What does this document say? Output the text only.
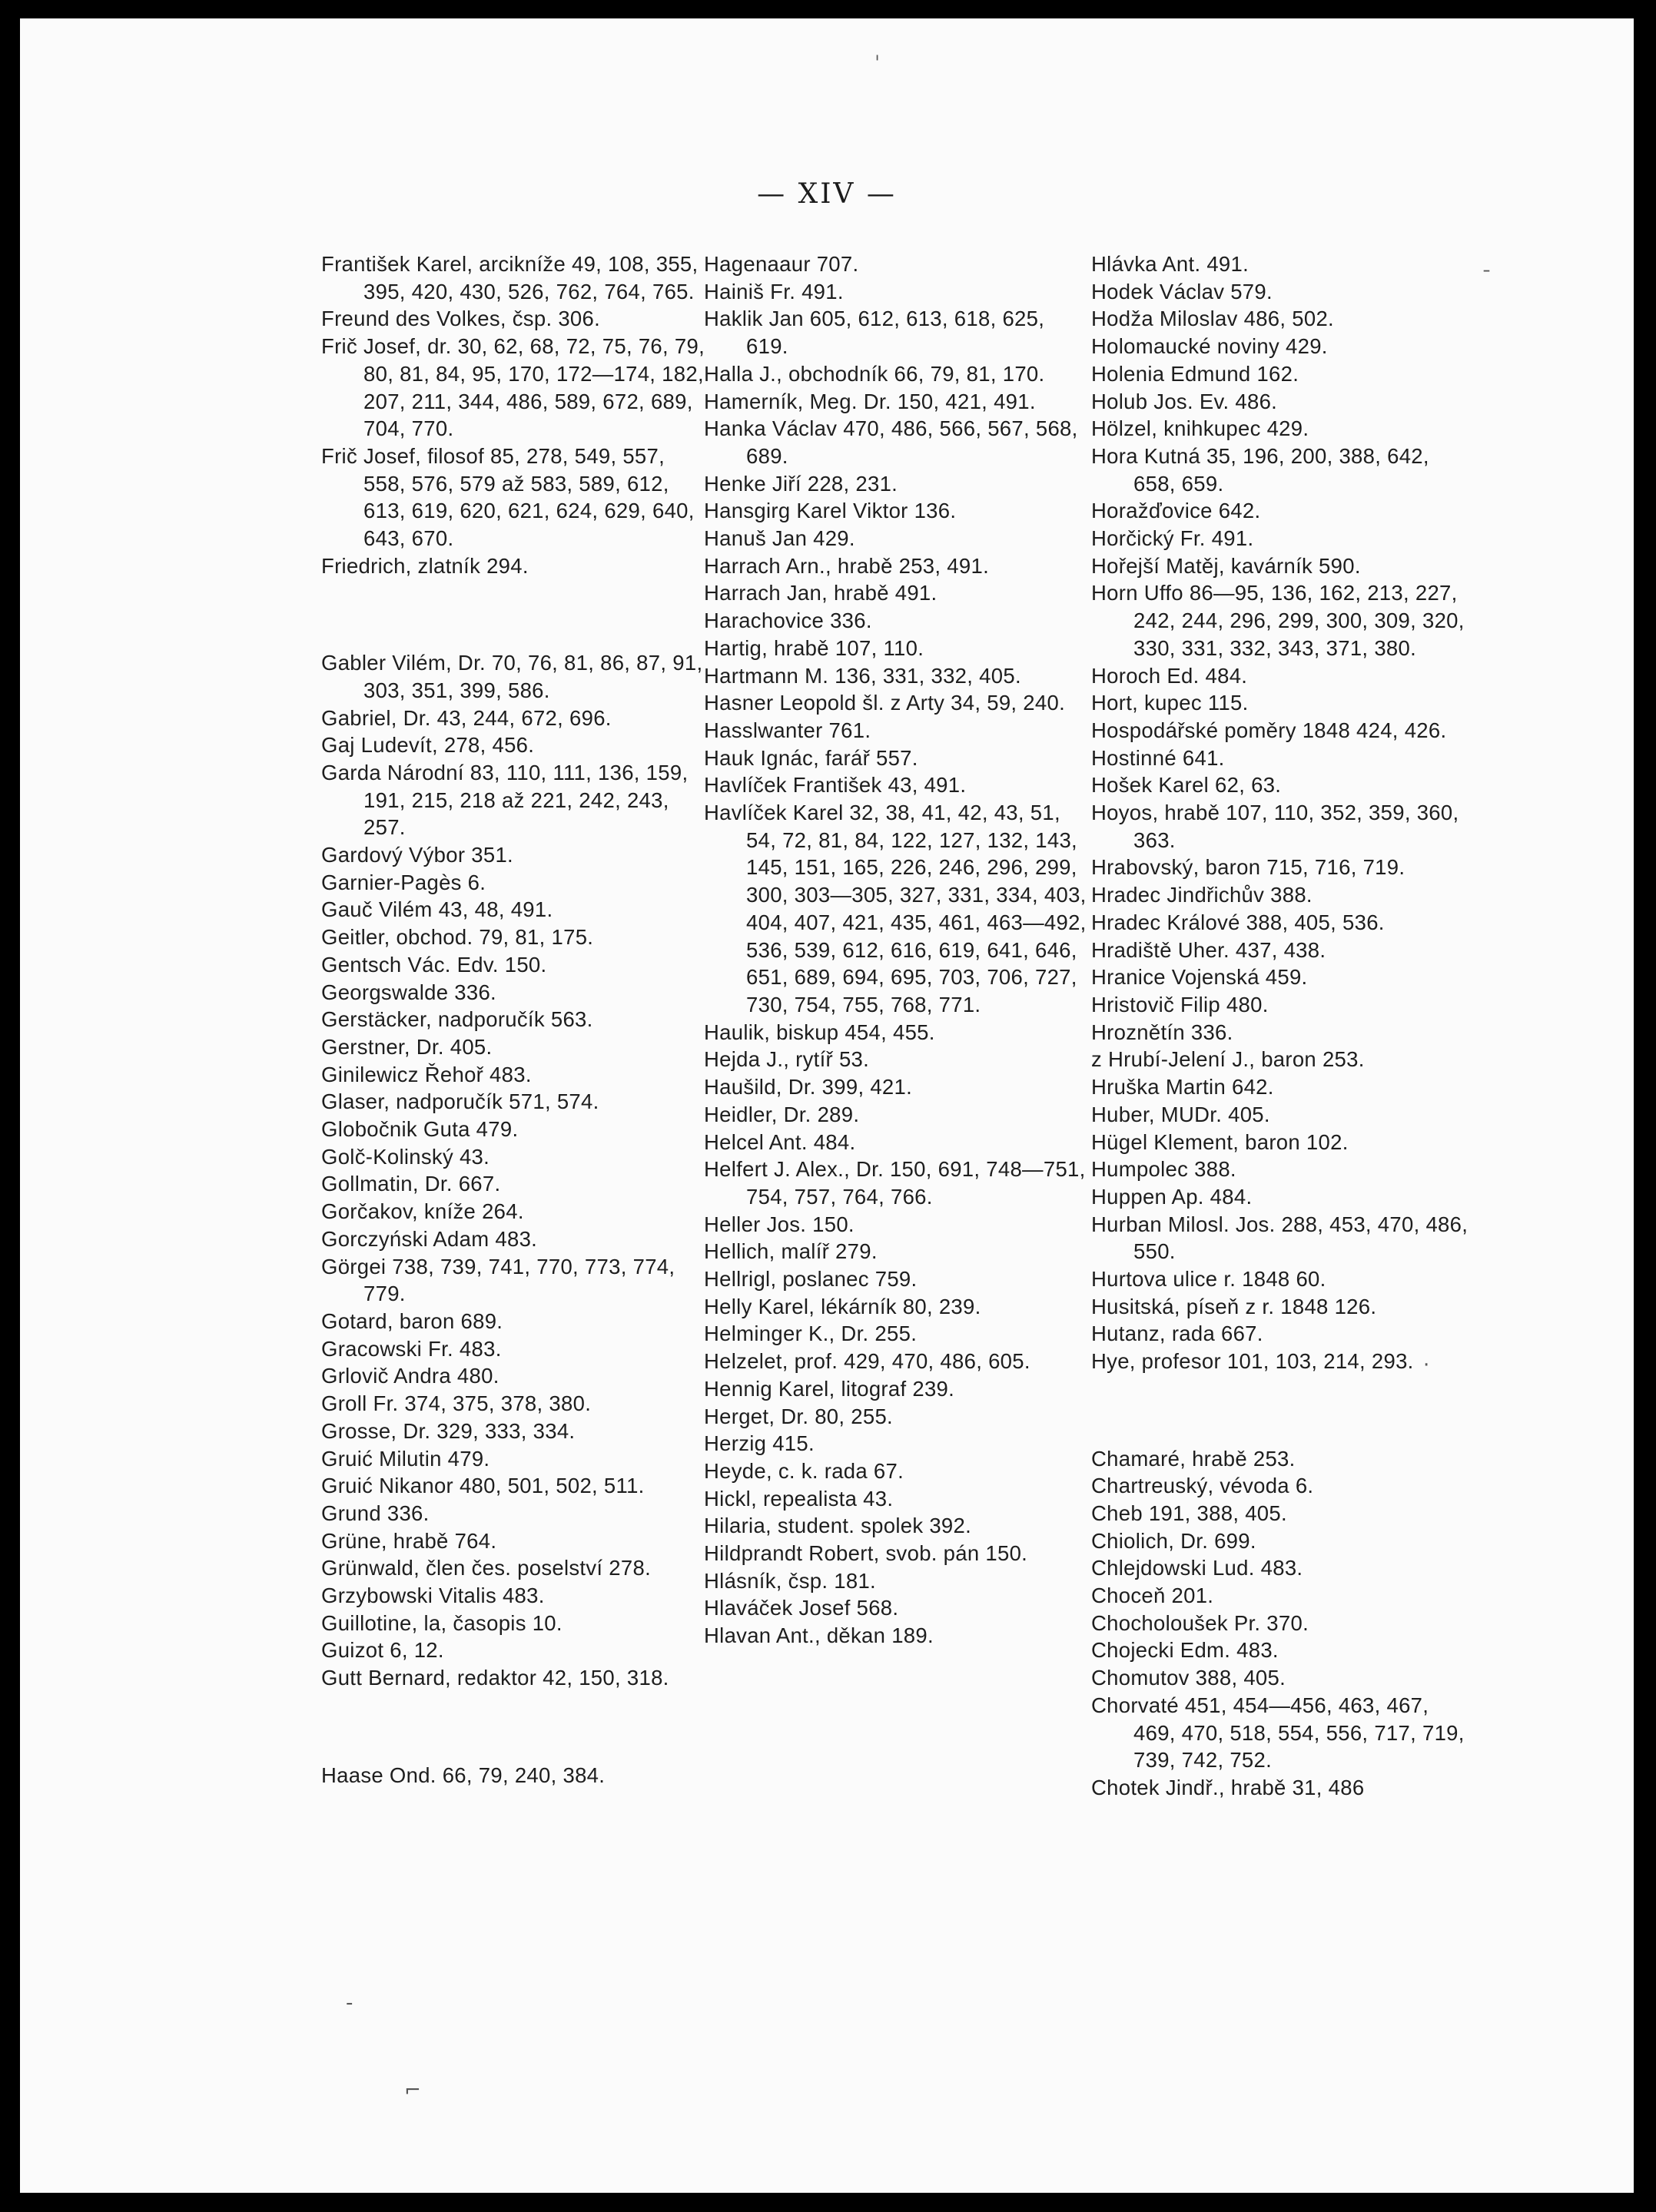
ˈ
ˉ
·
‐
⌐
— XIV —

František Karel, arcikníže 49, 108, 355, 395, 420, 430, 526, 762, 764, 765.

Freund des Volkes, čsp. 306.

Frič Josef, dr. 30, 62, 68, 72, 75, 76, 79, 80, 81, 84, 95, 170, 172—174, 182, 207, 211, 344, 486, 589, 672, 689, 704, 770.

Frič Josef, filosof 85, 278, 549, 557, 558, 576, 579 až 583, 589, 612, 613, 619, 620, 621, 624, 629, 640, 643, 670.

Friedrich, zlatník 294.

Gabler Vilém, Dr. 70, 76, 81, 86, 87, 91, 303, 351, 399, 586.

Gabriel, Dr. 43, 244, 672, 696.

Gaj Ludevít, 278, 456.

Garda Národní 83, 110, 111, 136, 159, 191, 215, 218 až 221, 242, 243, 257.

Gardový Výbor 351.

Garnier-Pagès 6.

Gauč Vilém 43, 48, 491.

Geitler, obchod. 79, 81, 175.

Gentsch Vác. Edv. 150.

Georgswalde 336.

Gerstäcker, nadporučík 563.

Gerstner, Dr. 405.

Ginilewicz Řehoř 483.

Glaser, nadporučík 571, 574.

Globočnik Guta 479.

Golč-Kolinský 43.

Gollmatin, Dr. 667.

Gorčakov, kníže 264.

Gorczyński Adam 483.

Görgei 738, 739, 741, 770, 773, 774, 779.

Gotard, baron 689.

Gracowski Fr. 483.

Grlovič Andra 480.

Groll Fr. 374, 375, 378, 380.

Grosse, Dr. 329, 333, 334.

Gruić Milutin 479.

Gruić Nikanor 480, 501, 502, 511.

Grund 336.

Grüne, hrabě 764.

Grünwald, člen čes. poselství 278.

Grzybowski Vitalis 483.

Guillotine, la, časopis 10.

Guizot 6, 12.

Gutt Bernard, redaktor 42, 150, 318.

Haase Ond. 66, 79, 240, 384.

Hagenaaur 707.

Hainiš Fr. 491.

Haklik Jan 605, 612, 613, 618, 625, 619.

Halla J., obchodník 66, 79, 81, 170.

Hamerník, Meg. Dr. 150, 421, 491.

Hanka Václav 470, 486, 566, 567, 568, 689.

Henke Jiří 228, 231.

Hansgirg Karel Viktor 136.

Hanuš Jan 429.

Harrach Arn., hrabě 253, 491.

Harrach Jan, hrabě 491.

Harachovice 336.

Hartig, hrabě 107, 110.

Hartmann M. 136, 331, 332, 405.

Hasner Leopold šl. z Arty 34, 59, 240.

Hasslwanter 761.

Hauk Ignác, farář 557.

Havlíček František 43, 491.

Havlíček Karel 32, 38, 41, 42, 43, 51, 54, 72, 81, 84, 122, 127, 132, 143, 145, 151, 165, 226, 246, 296, 299, 300, 303—305, 327, 331, 334, 403, 404, 407, 421, 435, 461, 463—492, 536, 539, 612, 616, 619, 641, 646, 651, 689, 694, 695, 703, 706, 727, 730, 754, 755, 768, 771.

Haulik, biskup 454, 455.

Hejda J., rytíř 53.

Haušild, Dr. 399, 421.

Heidler, Dr. 289.

Helcel Ant. 484.

Helfert J. Alex., Dr. 150, 691, 748—751, 754, 757, 764, 766.

Heller Jos. 150.

Hellich, malíř 279.

Hellrigl, poslanec 759.

Helly Karel, lékárník 80, 239.

Helminger K., Dr. 255.

Helzelet, prof. 429, 470, 486, 605.

Hennig Karel, litograf 239.

Herget, Dr. 80, 255.

Herzig 415.

Heyde, c. k. rada 67.

Hickl, repealista 43.

Hilaria, student. spolek 392.

Hildprandt Robert, svob. pán 150.

Hlásník, čsp. 181.

Hlaváček Josef 568.

Hlavan Ant., děkan 189.

Hlávka Ant. 491.

Hodek Václav 579.

Hodža Miloslav 486, 502.

Holomaucké noviny 429.

Holenia Edmund 162.

Holub Jos. Ev. 486.

Hölzel, knihkupec 429.

Hora Kutná 35, 196, 200, 388, 642, 658, 659.

Horažďovice 642.

Horčický Fr. 491.

Hořejší Matěj, kavárník 590.

Horn Uffo 86—95, 136, 162, 213, 227, 242, 244, 296, 299, 300, 309, 320, 330, 331, 332, 343, 371, 380.

Horoch Ed. 484.

Hort, kupec 115.

Hospodářské poměry 1848 424, 426.

Hostinné 641.

Hošek Karel 62, 63.

Hoyos, hrabě 107, 110, 352, 359, 360, 363.

Hrabovský, baron 715, 716, 719.

Hradec Jindřichův 388.

Hradec Králové 388, 405, 536.

Hradiště Uher. 437, 438.

Hranice Vojenská 459.

Hristovič Filip 480.

Hroznětín 336.

z Hrubí-Jelení J., baron 253.

Hruška Martin 642.

Huber, MUDr. 405.

Hügel Klement, baron 102.

Humpolec 388.

Huppen Ap. 484.

Hurban Milosl. Jos. 288, 453, 470, 486, 550.

Hurtova ulice r. 1848 60.

Husitská, píseň z r. 1848 126.

Hutanz, rada 667.

Hye, profesor 101, 103, 214, 293.

Chamaré, hrabě 253.

Chartreuský, vévoda 6.

Cheb 191, 388, 405.

Chiolich, Dr. 699.

Chlejdowski Lud. 483.

Choceň 201.

Chocholoušek Pr. 370.

Chojecki Edm. 483.

Chomutov 388, 405.

Chorvaté 451, 454—456, 463, 467, 469, 470, 518, 554, 556, 717, 719, 739, 742, 752.

Chotek Jindř., hrabě 31, 486
